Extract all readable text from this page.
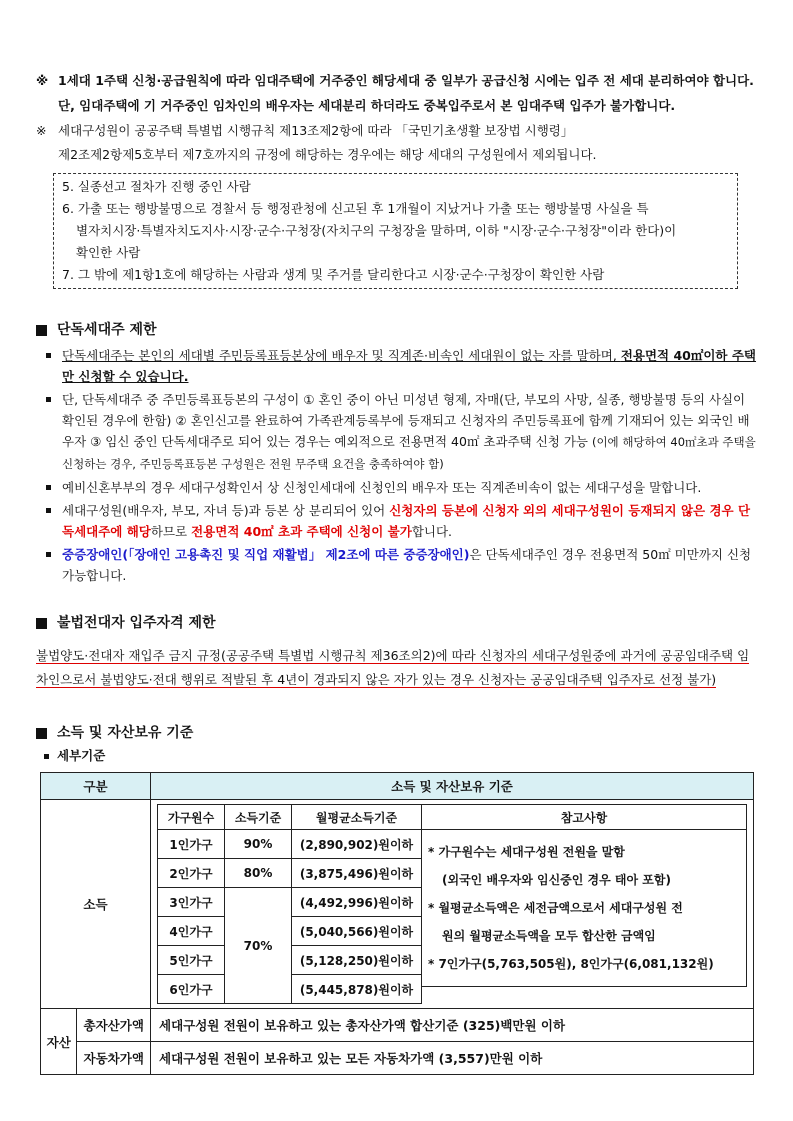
※ 1세대 1주택 신청·공급원칙에 따라 임대주택에 거주중인 해당세대 중 일부가 공급신청 시에는 입주 전 세대 분리하여야 합니다. 단, 임대주택에 기 거주중인 임차인의 배우자는 세대분리 하더라도 중복입주로서 본 임대주택 입주가 불가합니다.
※ 세대구성원이 공공주택 특별법 시행규칙 제13조제2항에 따라 「국민기초생활 보장법 시행령」
제2조제2항제5호부터 제7호까지의 규정에 해당하는 경우에는 해당 세대의 구성원에서 제외됩니다.
5. 실종선고 절차가 진행 중인 사람
6. 가출 또는 행방불명으로 경찰서 등 행정관청에 신고된 후 1개월이 지났거나 가출 또는 행방불명 사실을 특
별자치시장·특별자치도지사·시장·군수·구청장(자치구의 구청장을 말하며, 이하 "시장·군수·구청장"이라 한다)이
확인한 사람
7. 그 밖에 제1항1호에 해당하는 사람과 생계 및 주거를 달리한다고 시장·군수·구청장이 확인한 사람
단독세대주 제한
단독세대주는 본인의 세대별 주민등록표등본상에 배우자 및 직계존·비속인 세대원이 없는 자를 말하며, 전용면적 40㎡이하 주택만 신청할 수 있습니다.
단, 단독세대주 중 주민등록표등본의 구성이 ① 혼인 중이 아닌 미성년 형제, 자매(단, 부모의 사망, 실종, 행방불명 등의 사실이 확인된 경우에 한함) ② 혼인신고를 완료하여 가족관계등록부에 등재되고 신청자의 주민등록표에 함께 기재되어 있는 외국인 배우자 ③ 임신 중인 단독세대주로 되어 있는 경우는 예외적으로 전용면적 40㎡ 초과주택 신청 가능 (이에 해당하여 40㎡초과 주택을 신청하는 경우, 주민등록표등본 구성원은 전원 무주택 요건을 충족하여야 함)
예비신혼부부의 경우 세대구성확인서 상 신청인세대에 신청인의 배우자 또는 직계존비속이 없는 세대구성을 말합니다.
세대구성원(배우자, 부모, 자녀 등)과 등본 상 분리되어 있어 신청자의 등본에 신청자 외의 세대구성원이 등재되지 않은 경우 단독세대주에 해당하므로 전용면적 40㎡ 초과 주택에 신청이 불가합니다.
중증장애인(「장애인 고용촉진 및 직업 재활법」 제2조에 따른 중증장애인)은 단독세대주인 경우 전용면적 50㎡ 미만까지 신청 가능합니다.
불법전대자 입주자격 제한
불법양도·전대자 재입주 금지 규정(공공주택 특별법 시행규칙 제36조의2)에 따라 신청자의 세대구성원중에 과거에 공공임대주택 임차인으로서 불법양도·전대 행위로 적발된 후 4년이 경과되지 않은 자가 있는 경우 신청자는 공공임대주택 입주자로 선정 불가)
소득 및 자산보유 기준
세부기준
구분	소득 및 자산보유 기준
소득	
가구원수	소득기준	월평균소득기준
1인가구	90%	(2,890,902)원이하
2인가구	80%	(3,875,496)원이하
3인가구	70%	(4,492,996)원이하
4인가구	(5,040,566)원이하
5인가구	(5,128,250)원이하
6인가구	(5,445,878)원이하
참고사항

* 가구원수는 세대구성원 전원을 말함
(외국인 배우자와 임신중인 경우 태아 포함)
* 월평균소득액은 세전금액으로서 세대구성원 전
원의 월평균소득액을 모두 합산한 금액임
* 7인가구(5,763,505원), 8인가구(6,081,132원)

자산	총자산가액	세대구성원 전원이 보유하고 있는 총자산가액 합산기준 (325)백만원 이하
자동차가액	세대구성원 전원이 보유하고 있는 모든 자동차가액 (3,557)만원 이하
